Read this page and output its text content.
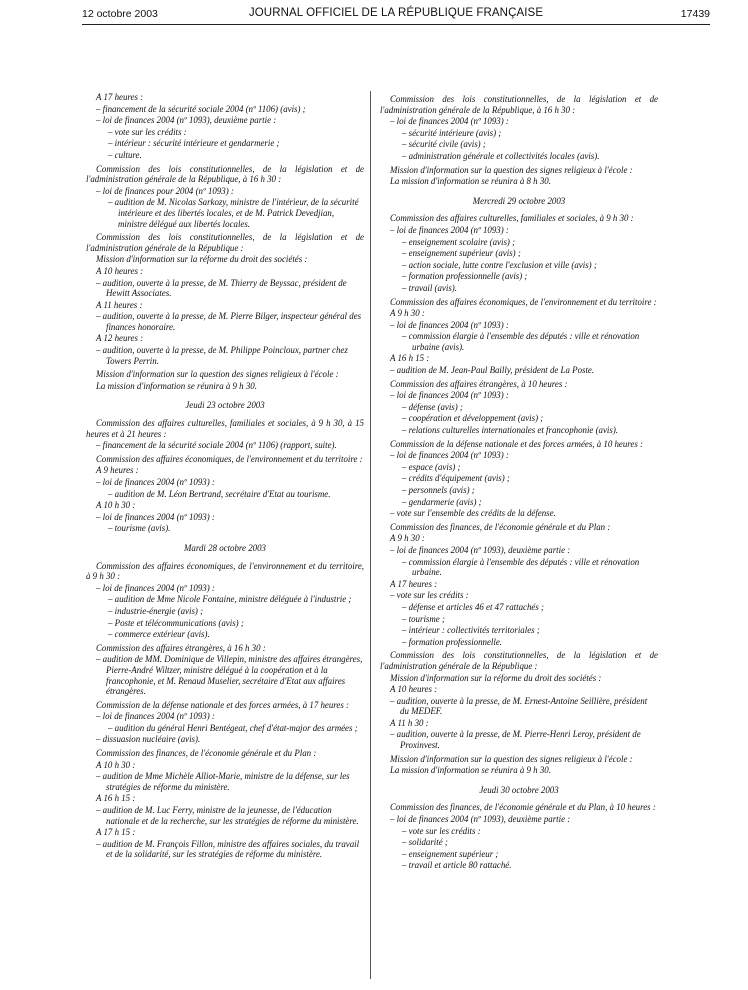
12 octobre 2003	JOURNAL OFFICIEL DE LA RÉPUBLIQUE FRANÇAISE	17439

A 17 heures :

– financement de la sécurité sociale 2004 (nº 1106) (avis) ;

– loi de finances 2004 (nº 1093), deuxième partie :

– vote sur les crédits :

– intérieur : sécurité intérieure et gendarmerie ;

– culture.

Commission des lois constitutionnelles, de la législation et de l'administration générale de la République, à 16 h 30 :

– loi de finances pour 2004 (nº 1093) :

– audition de M. Nicolas Sarkozy, ministre de l'intérieur, de la sécurité intérieure et des libertés locales, et de M. Patrick Devedjian, ministre délégué aux libertés locales.

Commission des lois constitutionnelles, de la législation et de l'administration générale de la République :

Mission d'information sur la réforme du droit des sociétés :

A 10 heures :

– audition, ouverte à la presse, de M. Thierry de Beyssac, président de Hewitt Associates.

A 11 heures :

– audition, ouverte à la presse, de M. Pierre Bilger, inspecteur général des finances honoraire.

A 12 heures :

– audition, ouverte à la presse, de M. Philippe Poincloux, partner chez Towers Perrin.

Mission d'information sur la question des signes religieux à l'école :

La mission d'information se réunira à 9 h 30.

Jeudi 23 octobre 2003

Commission des affaires culturelles, familiales et sociales, à 9 h 30, à 15 heures et à 21 heures :

– financement de la sécurité sociale 2004 (nº 1106) (rapport, suite).

Commission des affaires économiques, de l'environnement et du territoire :

A 9 heures :

– loi de finances 2004 (nº 1093) :

– audition de M. Léon Bertrand, secrétaire d'Etat au tourisme.

A 10 h 30 :

– loi de finances 2004 (nº 1093) :

– tourisme (avis).

Mardi 28 octobre 2003

Commission des affaires économiques, de l'environnement et du territoire, à 9 h 30 :

– loi de finances 2004 (nº 1093) :

– audition de Mme Nicole Fontaine, ministre déléguée à l'industrie ;

– industrie-énergie (avis) ;

– Poste et télécommunications (avis) ;

– commerce extérieur (avis).

Commission des affaires étrangères, à 16 h 30 :

– audition de MM. Dominique de Villepin, ministre des affaires étrangères, Pierre-André Wiltzer, ministre délégué à la coopération et à la francophonie, et M. Renaud Muselier, secrétaire d'Etat aux affaires étrangères.

Commission de la défense nationale et des forces armées, à 17 heures :

– loi de finances 2004 (nº 1093) :

– audition du général Henri Bentégeat, chef d'état-major des armées ;

– dissuasion nucléaire (avis).

Commission des finances, de l'économie générale et du Plan :

A 10 h 30 :

– audition de Mme Michèle Alliot-Marie, ministre de la défense, sur les stratégies de réforme du ministère.

A 16 h 15 :

– audition de M. Luc Ferry, ministre de la jeunesse, de l'éducation nationale et de la recherche, sur les stratégies de réforme du ministère.

A 17 h 15 :

– audition de M. François Fillon, ministre des affaires sociales, du travail et de la solidarité, sur les stratégies de réforme du ministère.

Commission des lois constitutionnelles, de la législation et de l'administration générale de la République, à 16 h 30 :

– loi de finances 2004 (nº 1093) :

– sécurité intérieure (avis) ;

– sécurité civile (avis) ;

– administration générale et collectivités locales (avis).

Mission d'information sur la question des signes religieux à l'école :

La mission d'information se réunira à 8 h 30.

Mercredi 29 octobre 2003

Commission des affaires culturelles, familiales et sociales, à 9 h 30 :

– loi de finances 2004 (nº 1093) :

– enseignement scolaire (avis) ;

– enseignement supérieur (avis) ;

– action sociale, lutte contre l'exclusion et ville (avis) ;

– formation professionnelle (avis) ;

– travail (avis).

Commission des affaires économiques, de l'environnement et du territoire :

A 9 h 30 :

– loi de finances 2004 (nº 1093) :

– commission élargie à l'ensemble des députés : ville et rénovation urbaine (avis).

A 16 h 15 :

– audition de M. Jean-Paul Bailly, président de La Poste.

Commission des affaires étrangères, à 10 heures :

– loi de finances 2004 (nº 1093) :

– défense (avis) ;

– coopération et développement (avis) ;

– relations culturelles internationales et francophonie (avis).

Commission de la défense nationale et des forces armées, à 10 heures :

– loi de finances 2004 (nº 1093) :

– espace (avis) ;

– crédits d'équipement (avis) ;

– personnels (avis) ;

– gendarmerie (avis) ;

– vote sur l'ensemble des crédits de la défense.

Commission des finances, de l'économie générale et du Plan :

A 9 h 30 :

– loi de finances 2004 (nº 1093), deuxième partie :

– commission élargie à l'ensemble des députés : ville et rénovation urbaine.

A 17 heures :

– vote sur les crédits :

– défense et articles 46 et 47 rattachés ;

– tourisme ;

– intérieur : collectivités territoriales ;

– formation professionnelle.

Commission des lois constitutionnelles, de la législation et de l'administration générale de la République :

Mission d'information sur la réforme du droit des sociétés :

A 10 heures :

– audition, ouverte à la presse, de M. Ernest-Antoine Seillière, président du MEDEF.

A 11 h 30 :

– audition, ouverte à la presse, de M. Pierre-Henri Leroy, président de Proxinvest.

Mission d'information sur la question des signes religieux à l'école :

La mission d'information se réunira à 9 h 30.

Jeudi 30 octobre 2003

Commission des finances, de l'économie générale et du Plan, à 10 heures :

– loi de finances 2004 (nº 1093), deuxième partie :

– vote sur les crédits :

– solidarité ;

– enseignement supérieur ;

– travail et article 80 rattaché.
